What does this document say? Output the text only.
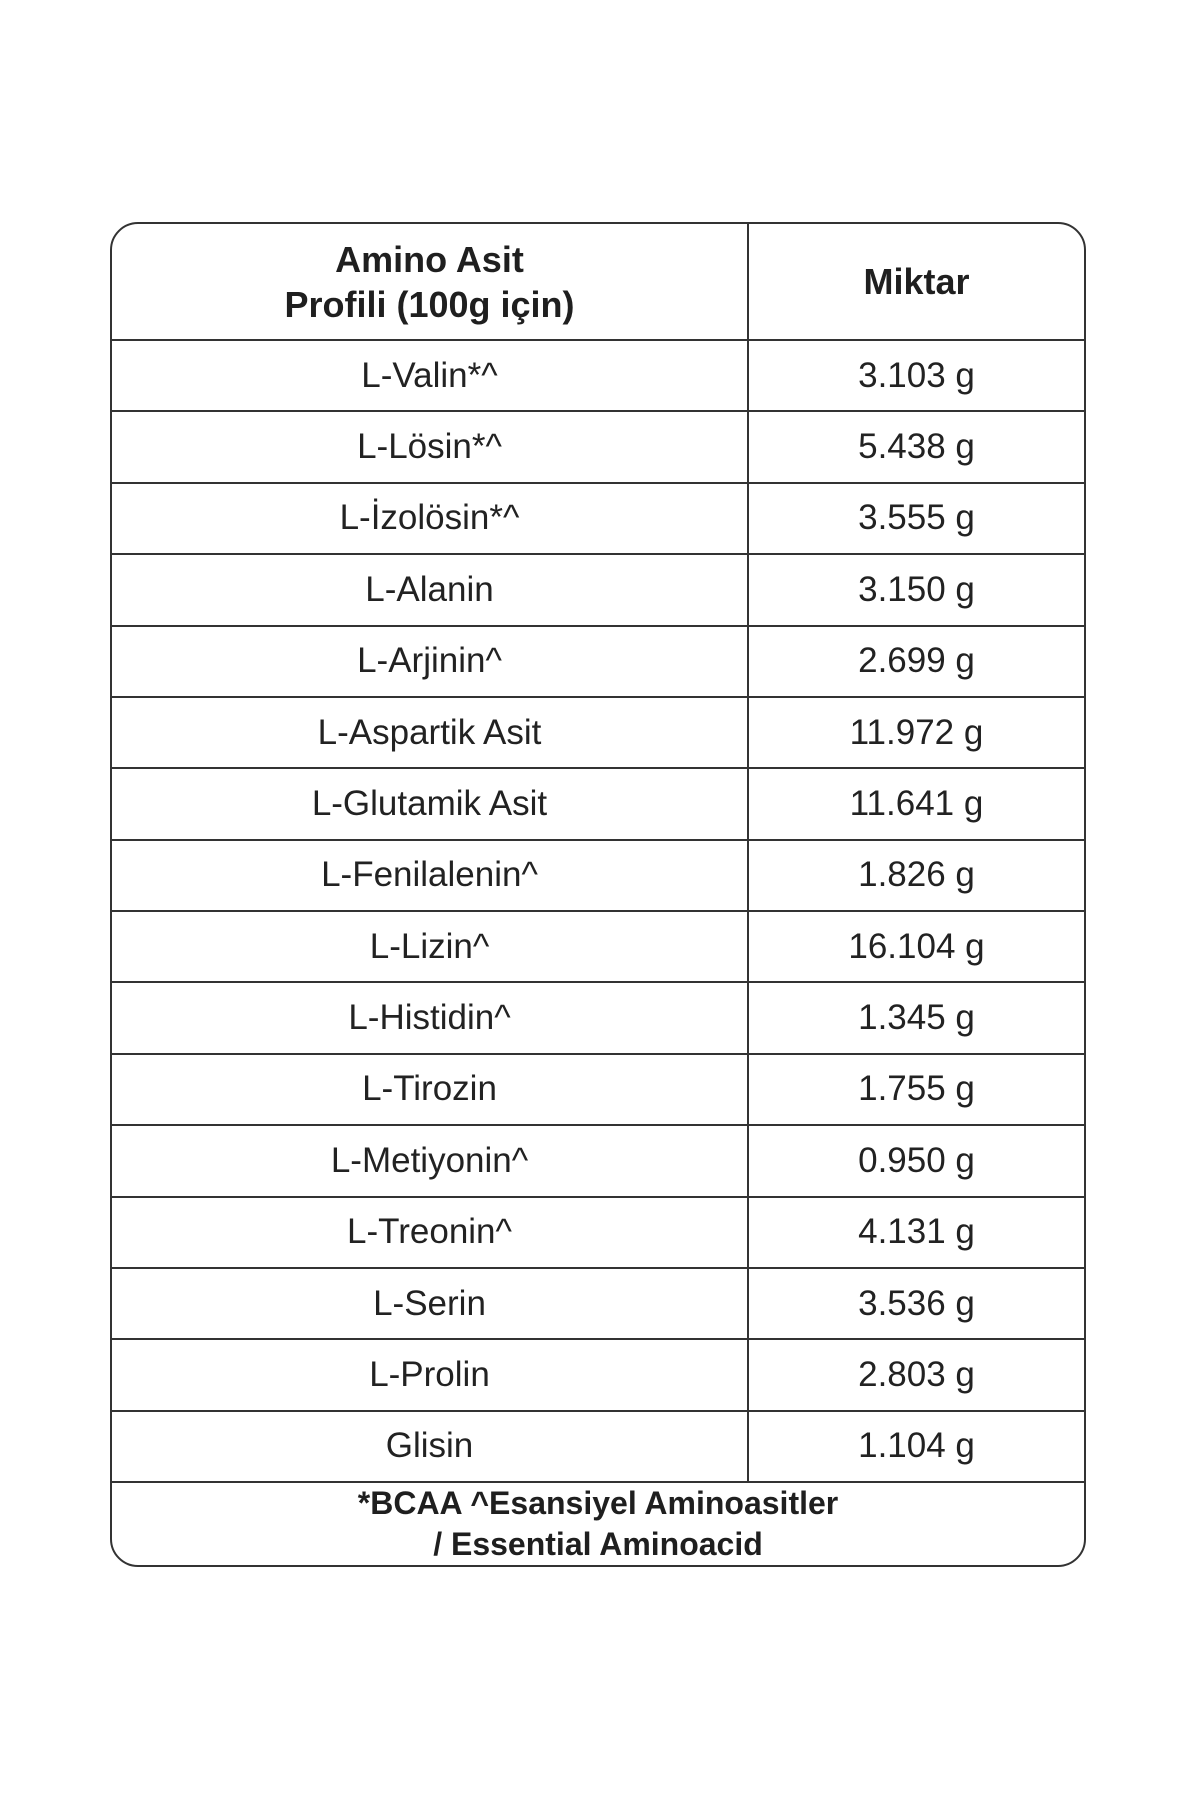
Amino Asit
Profili (100g için)	Miktar
L-Valin*^	3.103 g
L-Lösin*^	5.438 g
L-İzolösin*^	3.555 g
L-Alanin	3.150 g
L-Arjinin^	2.699 g
L-Aspartik Asit	11.972 g
L-Glutamik Asit	11.641 g
L-Fenilalenin^	1.826 g
L-Lizin^	16.104 g
L-Histidin^	1.345 g
L-Tirozin	1.755 g
L-Metiyonin^	0.950 g
L-Treonin^	4.131 g
L-Serin	3.536 g
L-Prolin	2.803 g
Glisin	1.104 g

*BCAA ^Esansiyel Aminoasitler
/ Essential Aminoacid	
